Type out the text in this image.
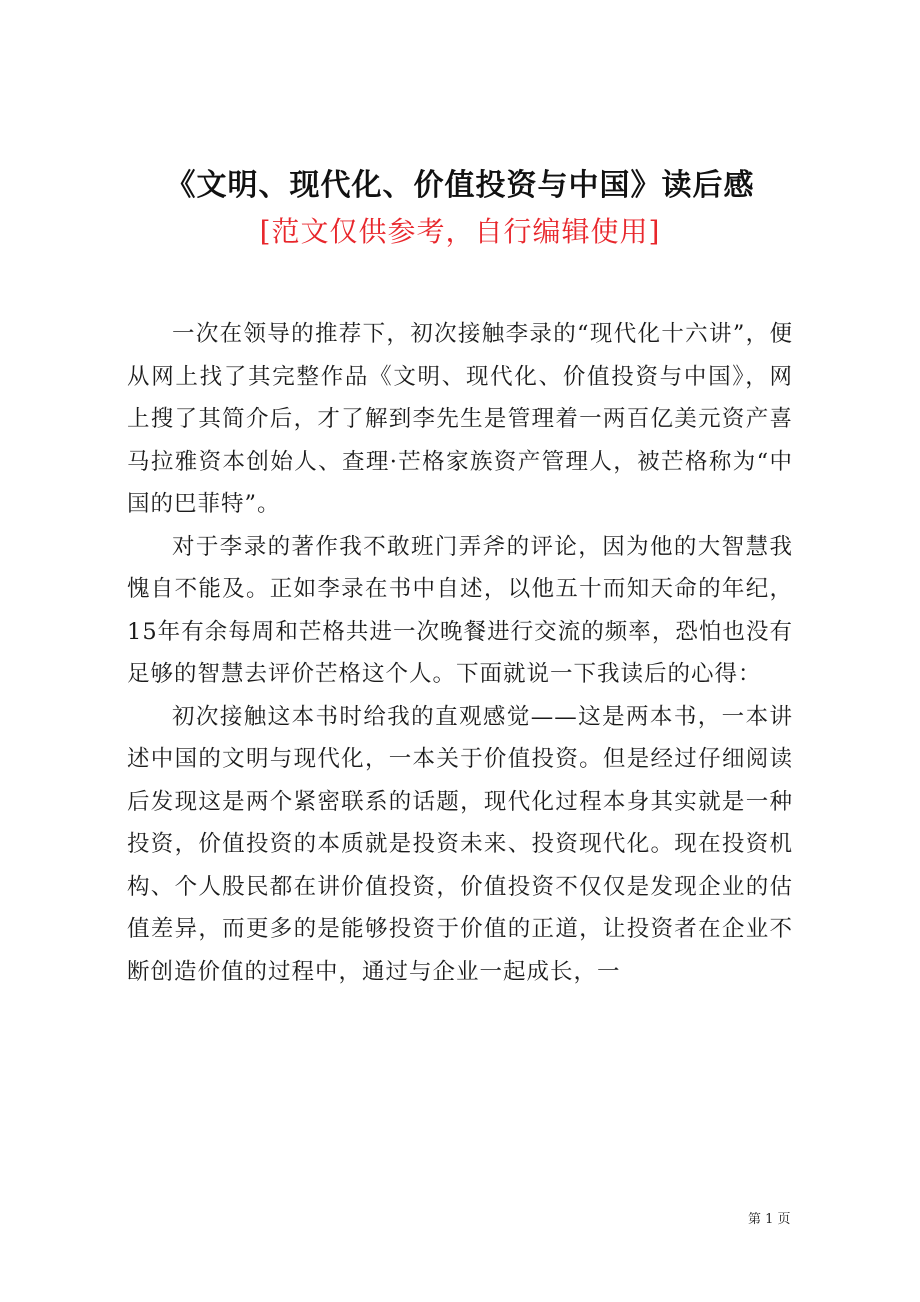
《文明、现代化、价值投资与中国》读后感
[范文仅供参考，自行编辑使用]

一次在领导的推荐下，初次接触李录的“现代化十六讲”，便从网上找了其完整作品《文明、现代化、价值投资与中国》，网上搜了其简介后，才了解到李先生是管理着一两百亿美元资产喜马拉雅资本创始人、查理·芒格家族资产管理人，被芒格称为“中国的巴菲特”。

对于李录的著作我不敢班门弄斧的评论，因为他的大智慧我愧自不能及。正如李录在书中自述，以他五十而知天命的年纪，15年有余每周和芒格共进一次晚餐进行交流的频率，恐怕也没有足够的智慧去评价芒格这个人。下面就说一下我读后的心得：

初次接触这本书时给我的直观感觉——这是两本书，一本讲述中国的文明与现代化，一本关于价值投资。但是经过仔细阅读后发现这是两个紧密联系的话题，现代化过程本身其实就是一种投资，价值投资的本质就是投资未来、投资现代化。现在投资机构、个人股民都在讲价值投资，价值投资不仅仅是发现企业的估值差异，而更多的是能够投资于价值的正道，让投资者在企业不断创造价值的过程中，通过与企业一起成长，一

第 1 页
